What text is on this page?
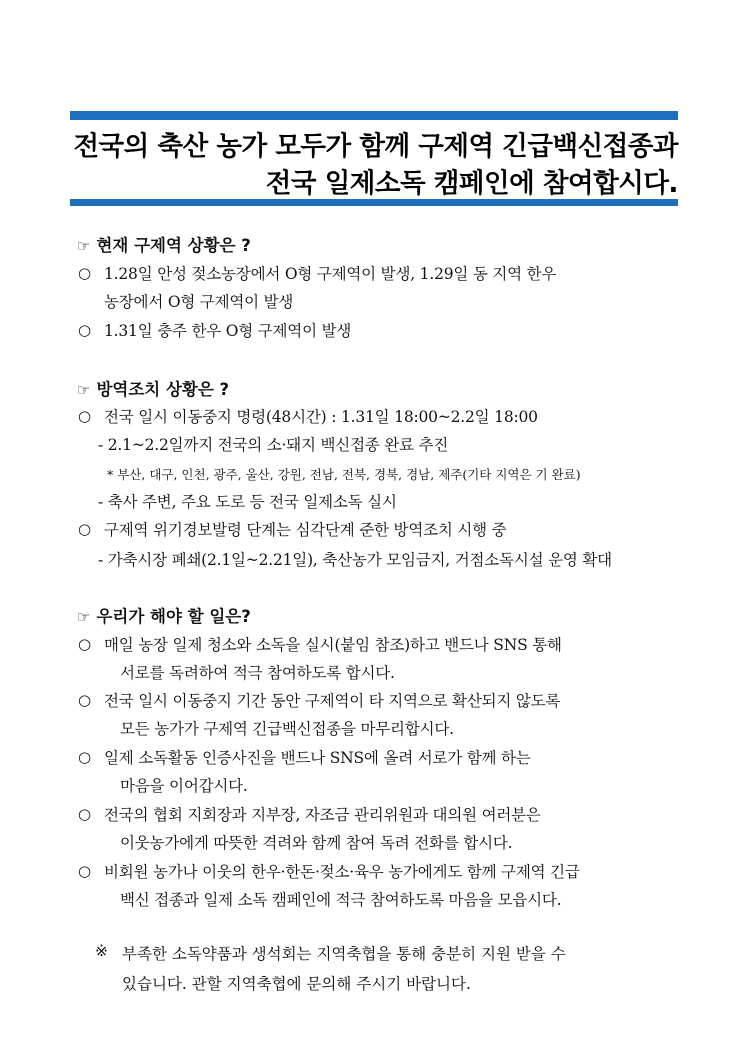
전국의 축산 농가 모두가 함께 구제역 긴급백신접종과
전국 일제소독 캠페인에 참여합시다.
☞ 현재 구제역 상황은 ?
○ 1.28일 안성 젖소농장에서 O형 구제역이 발생, 1.29일 동 지역 한우
농장에서 O형 구제역이 발생
○ 1.31일 충주 한우 O형 구제역이 발생
☞ 방역조치 상황은 ?
○ 전국 일시 이동중지 명령(48시간) : 1.31일 18:00~2.2일 18:00
- 2.1~2.2일까지 전국의 소·돼지 백신접종 완료 추진
* 부산, 대구, 인천, 광주, 울산, 강원, 전남, 전북, 경북, 경남, 제주(기타 지역은 기 완료)
- 축사 주변, 주요 도로 등 전국 일제소독 실시
○ 구제역 위기경보발령 단계는 심각단계 준한 방역조치 시행 중
- 가축시장 폐쇄(2.1일~2.21일), 축산농가 모임금지, 거점소독시설 운영 확대
☞ 우리가 해야 할 일은?
○ 매일 농장 일제 청소와 소독을 실시(붙임 참조)하고 밴드나 SNS 통해
서로를 독려하여 적극 참여하도록 합시다.
○ 전국 일시 이동중지 기간 동안 구제역이 타 지역으로 확산되지 않도록
모든 농가가 구제역 긴급백신접종을 마무리합시다.
○ 일제 소독활동 인증사진을 밴드나 SNS에 올려 서로가 함께 하는
마음을 이어갑시다.
○ 전국의 협회 지회장과 지부장, 자조금 관리위원과 대의원 여러분은
이웃농가에게 따뜻한 격려와 함께 참여 독려 전화를 합시다.
○ 비회원 농가나 이웃의 한우·한돈·젖소·육우 농가에게도 함께 구제역 긴급
백신 접종과 일제 소독 캠페인에 적극 참여하도록 마음을 모읍시다.
※ 부족한 소독약품과 생석회는 지역축협을 통해 충분히 지원 받을 수
있습니다. 관할 지역축협에 문의해 주시기 바랍니다.
